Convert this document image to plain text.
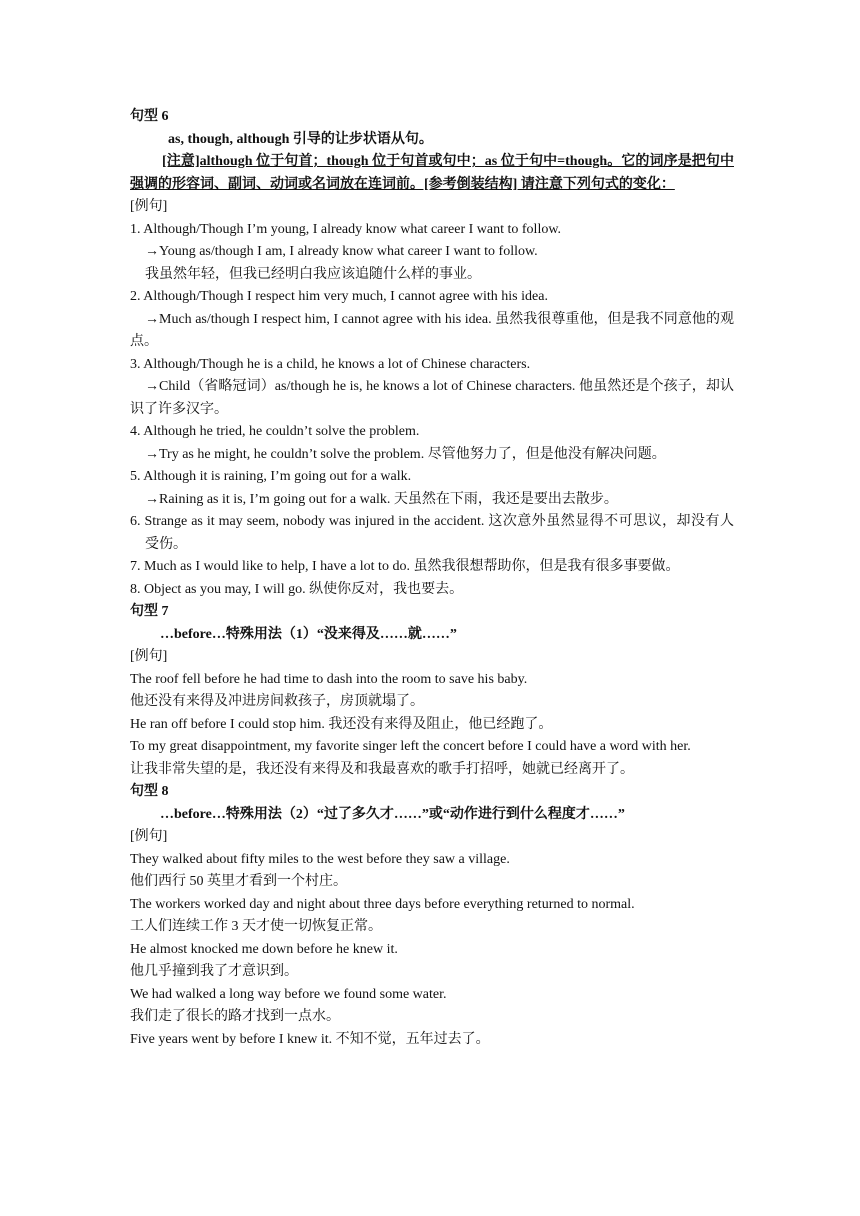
句型 6

as, though, although 引导的让步状语从句。

[注意]although 位于句首；though 位于句首或句中；as 位于句中=though。它的词序是把句中强调的形容词、副词、动词或名词放在连词前。[参考倒装结构] 请注意下列句式的变化：

[例句]

1. Although/Though I’m young, I already know what career I want to follow.

→Young as/though I am, I already know what career I want to follow.

我虽然年轻，但我已经明白我应该追随什么样的事业。

2. Although/Though I respect him very much, I cannot agree with his idea.

→Much as/though I respect him, I cannot agree with his idea. 虽然我很尊重他，但是我不同意他的观点。

3. Although/Though he is a child, he knows a lot of Chinese characters.

→Child（省略冠词）as/though he is, he knows a lot of Chinese characters. 他虽然还是个孩子，却认识了许多汉字。

4. Although he tried, he couldn’t solve the problem.

→Try as he might, he couldn’t solve the problem. 尽管他努力了，但是他没有解决问题。

5. Although it is raining, I’m going out for a walk.

→Raining as it is, I’m going out for a walk. 天虽然在下雨，我还是要出去散步。

6. Strange as it may seem, nobody was injured in the accident. 这次意外虽然显得不可思议，却没有人受伤。

7. Much as I would like to help, I have a lot to do. 虽然我很想帮助你，但是我有很多事要做。

8. Object as you may, I will go. 纵使你反对，我也要去。

句型 7

…before…特殊用法（1）“没来得及……就……”

[例句]

The roof fell before he had time to dash into the room to save his baby.

他还没有来得及冲进房间救孩子，房顶就塌了。

He ran off before I could stop him. 我还没有来得及阻止，他已经跑了。

To my great disappointment, my favorite singer left the concert before I could have a word with her.

让我非常失望的是，我还没有来得及和我最喜欢的歌手打招呼，她就已经离开了。

句型 8

…before…特殊用法（2）“过了多久才……”或“动作进行到什么程度才……”

[例句]

They walked about fifty miles to the west before they saw a village.

他们西行 50 英里才看到一个村庄。

The workers worked day and night about three days before everything returned to normal.

工人们连续工作 3 天才使一切恢复正常。

He almost knocked me down before he knew it.

他几乎撞到我了才意识到。

We had walked a long way before we found some water.

我们走了很长的路才找到一点水。

Five years went by before I knew it. 不知不觉，五年过去了。
